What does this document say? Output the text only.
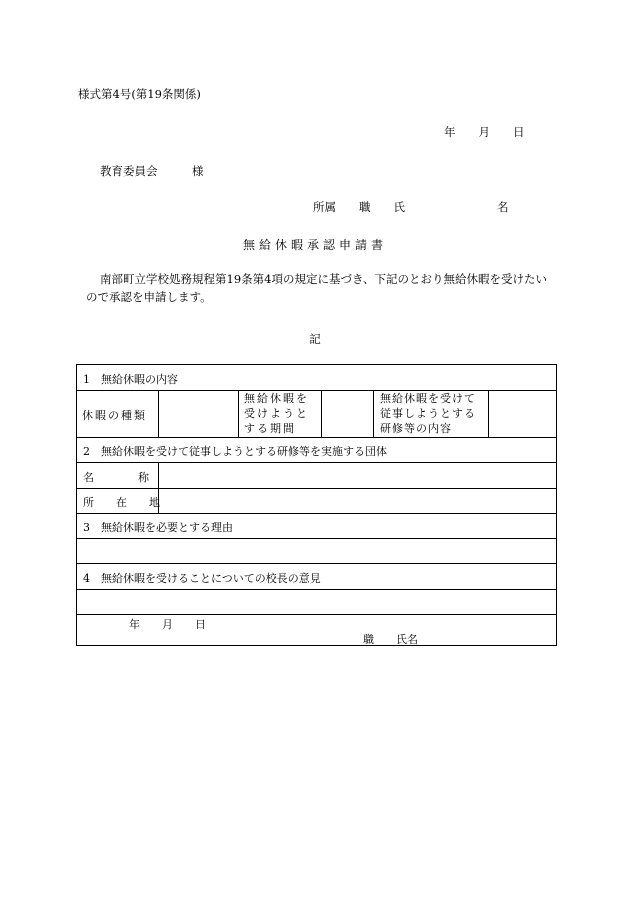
様式第4号(第19条関係)
年　　月　　日
教育委員会　　　様
所属　　職　　氏　　　　　　　　名
無給休暇承認申請書
南部町立学校処務規程第19条第4項の規定に基づき、下記のとおり無給休暇を受けたいので承認を申請します。
記
1　無給休暇の内容
休暇の種類
無給休暇を
受けようと
する期間
無給休暇を受けて
従事しようとする
研修等の内容
2　無給休暇を受けて従事しようとする研修等を実施する団体
名　　　　称
所　　在　　地
3　無給休暇を必要とする理由
4　無給休暇を受けることについての校長の意見
年　　月　　日
職　　氏名
